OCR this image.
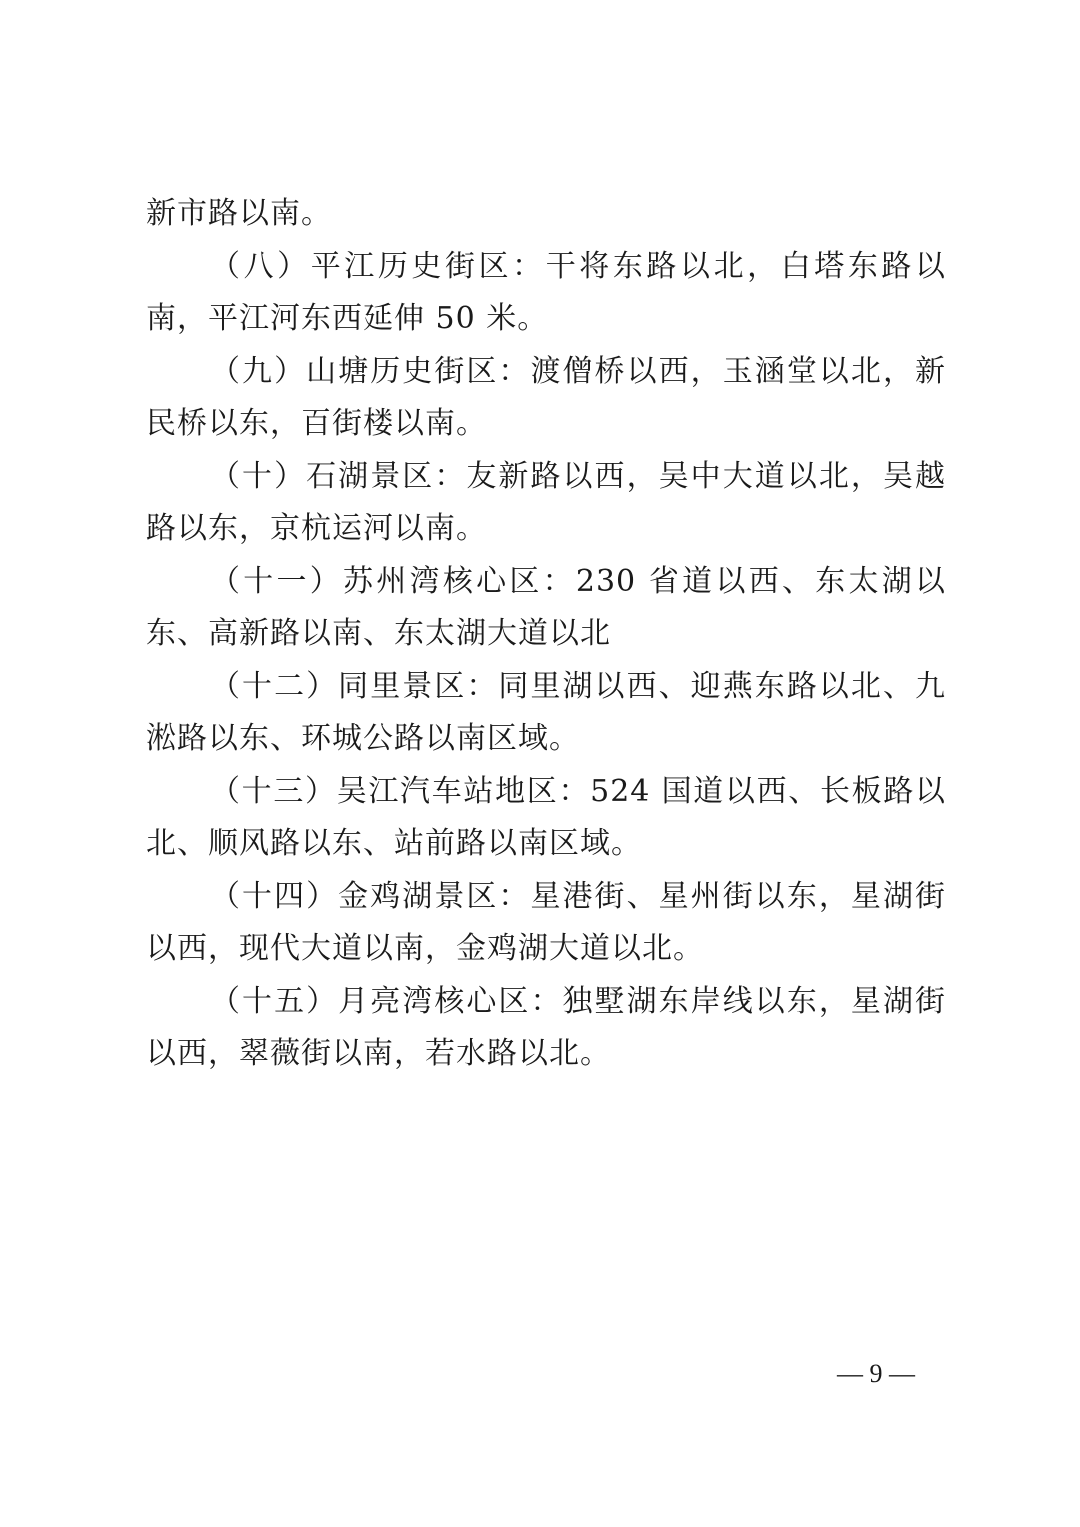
新市路以南。

（八）平江历史街区：干将东路以北，白塔东路以南，平江河东西延伸 50 米。

（九）山塘历史街区：渡僧桥以西，玉涵堂以北，新民桥以东，百街楼以南。

（十）石湖景区：友新路以西，吴中大道以北，吴越路以东，京杭运河以南。

（十一）苏州湾核心区：230 省道以西、东太湖以东、高新路以南、东太湖大道以北

（十二）同里景区：同里湖以西、迎燕东路以北、九淞路以东、环城公路以南区域。

（十三）吴江汽车站地区：524 国道以西、长板路以北、顺风路以东、站前路以南区域。

（十四）金鸡湖景区：星港街、星州街以东，星湖街以西，现代大道以南，金鸡湖大道以北。

（十五）月亮湾核心区：独墅湖东岸线以东，星湖街以西，翠薇街以南，若水路以北。

— 9 —
